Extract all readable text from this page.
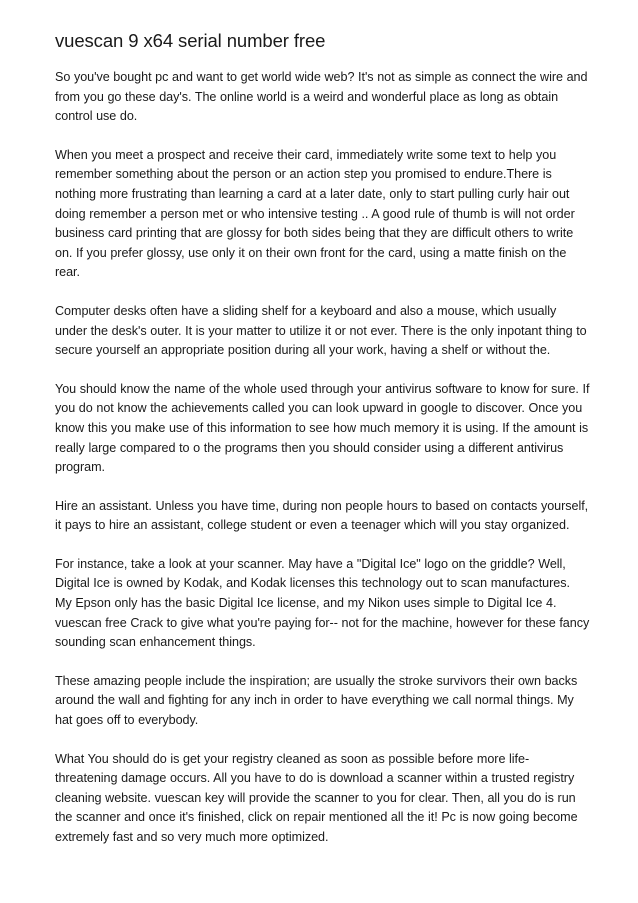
vuescan 9 x64 serial number free

So you've bought pc and want to get world wide web? It's not as simple as connect the wire and from you go these day's. The online world is a weird and wonderful place as long as obtain control use do.

When you meet a prospect and receive their card, immediately write some text to help you remember something about the person or an action step you promised to endure.There is nothing more frustrating than learning a card at a later date, only to start pulling curly hair out doing remember a person met or who intensive testing .. A good rule of thumb is will not order business card printing that are glossy for both sides being that they are difficult others to write on. If you prefer glossy, use only it on their own front for the card, using a matte finish on the rear.

Computer desks often have a sliding shelf for a keyboard and also a mouse, which usually under the desk's outer. It is your matter to utilize it or not ever. There is the only inpotant thing to secure yourself an appropriate position during all your work, having a shelf or without the.

You should know the name of the whole used through your antivirus software to know for sure. If you do not know the achievements called you can look upward in google to discover. Once you know this you make use of this information to see how much memory it is using. If the amount is really large compared to o the programs then you should consider using a different antivirus program.

Hire an assistant. Unless you have time, during non people hours to based on contacts yourself, it pays to hire an assistant, college student or even a teenager which will you stay organized.

For instance, take a look at your scanner. May have a "Digital Ice" logo on the griddle? Well, Digital Ice is owned by Kodak, and Kodak licenses this technology out to scan manufactures. My Epson only has the basic Digital Ice license, and my Nikon uses simple to Digital Ice 4. vuescan free Crack to give what you're paying for-- not for the machine, however for these fancy sounding scan enhancement things.

These amazing people include the inspiration; are usually the stroke survivors their own backs around the wall and fighting for any inch in order to have everything we call normal things. My hat goes off to everybody.

What You should do is get your registry cleaned as soon as possible before more life-threatening damage occurs. All you have to do is download a scanner within a trusted registry cleaning website. vuescan key will provide the scanner to you for clear. Then, all you do is run the scanner and once it's finished, click on repair mentioned all the it! Pc is now going become extremely fast and so very much more optimized.
